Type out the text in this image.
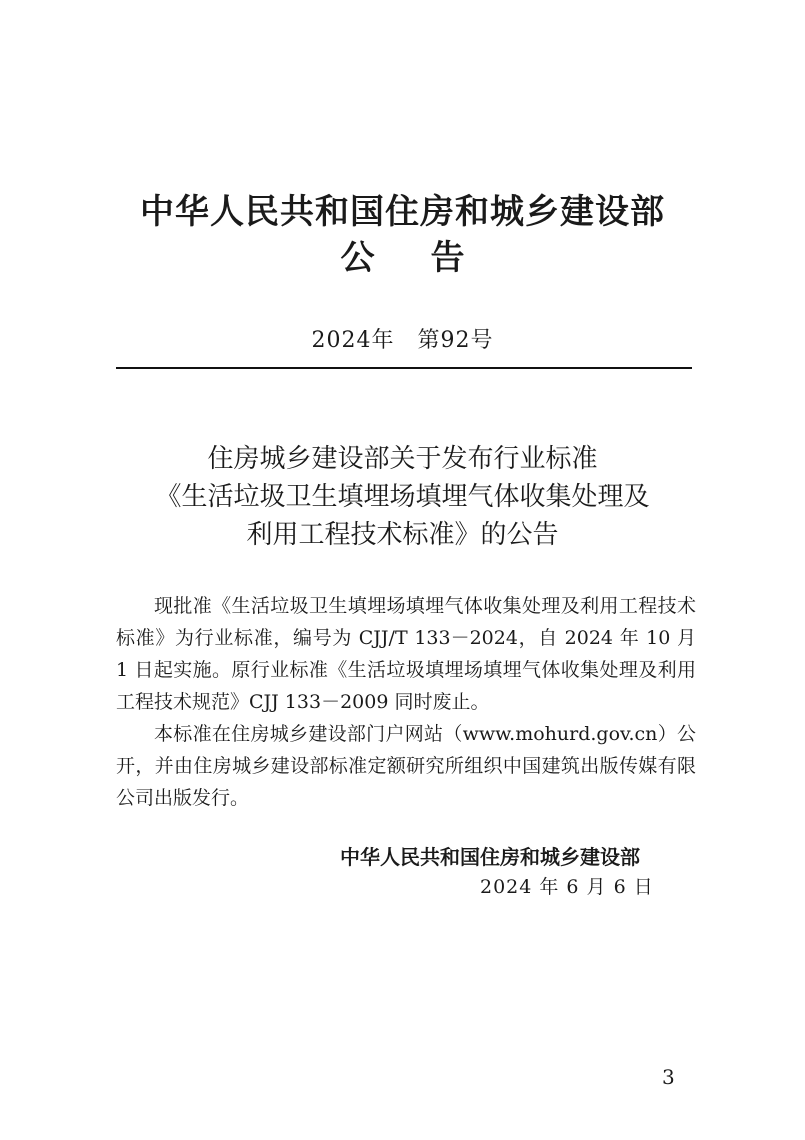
中华人民共和国住房和城乡建设部
公告
2024年　第92号
住房城乡建设部关于发布行业标准
《生活垃圾卫生填埋场填埋气体收集处理及
利用工程技术标准》的公告

现批准《生活垃圾卫生填埋场填埋气体收集处理及利用工程技术标准》为行业标准，编号为 CJJ/T 133－2024，自 2024 年 10 月 1 日起实施。原行业标准《生活垃圾填埋场填埋气体收集处理及利用工程技术规范》CJJ 133－2009 同时废止。

本标准在住房城乡建设部门户网站（www.mohurd.gov.cn）公开，并由住房城乡建设部标准定额研究所组织中国建筑出版传媒有限公司出版发行。

中华人民共和国住房和城乡建设部
2024 年 6 月 6 日
3
